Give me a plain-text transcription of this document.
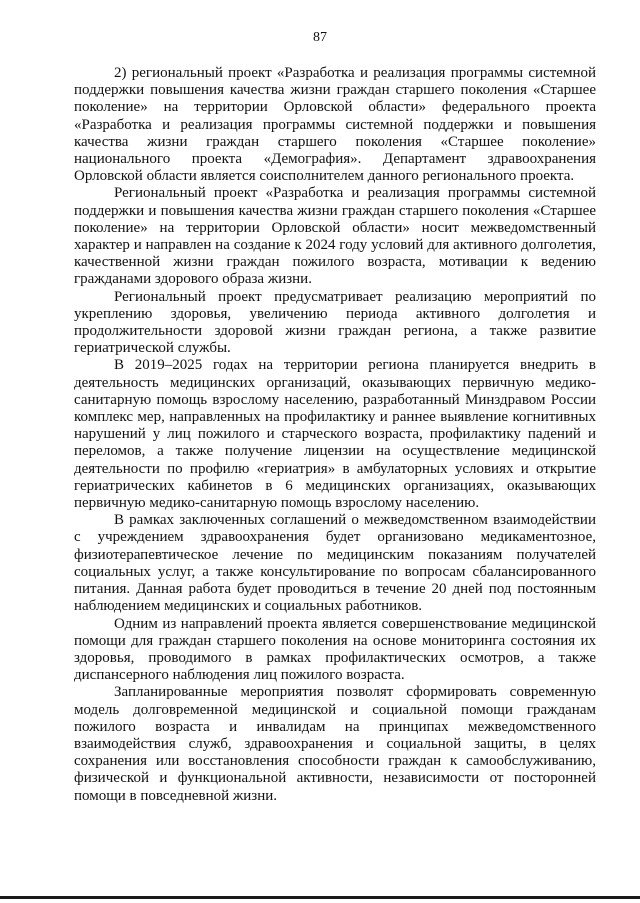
87

2) региональный проект «Разработка и реализация программы системной поддержки повышения качества жизни граждан старшего поколения «Старшее поколение» на территории Орловской области» федерального проекта «Разработка и реализация программы системной поддержки и повышения качества жизни граждан старшего поколения «Старшее поколение» национального проекта «Демография». Департамент здравоохранения Орловской области является соисполнителем данного регионального проекта.

Региональный проект «Разработка и реализация программы системной поддержки и повышения качества жизни граждан старшего поколения «Старшее поколение» на территории Орловской области» носит межведомственный характер и направлен на создание к 2024 году условий для активного долголетия, качественной жизни граждан пожилого возраста, мотивации к ведению гражданами здорового образа жизни.

Региональный проект предусматривает реализацию мероприятий по укреплению здоровья, увеличению периода активного долголетия и продолжительности здоровой жизни граждан региона, а также развитие гериатрической службы.

В 2019–2025 годах на территории региона планируется внедрить в деятельность медицинских организаций, оказывающих первичную медико-санитарную помощь взрослому населению, разработанный Минздравом России комплекс мер, направленных на профилактику и раннее выявление когнитивных нарушений у лиц пожилого и старческого возраста, профилактику падений и переломов, а также получение лицензии на осуществление медицинской деятельности по профилю «гериатрия» в амбулаторных условиях и открытие гериатрических кабинетов в 6 медицинских организациях, оказывающих первичную медико-санитарную помощь взрослому населению.

В рамках заключенных соглашений о межведомственном взаимодействии с учреждением здравоохранения будет организовано медикаментозное, физиотерапевтическое лечение по медицинским показаниям получателей социальных услуг, а также консультирование по вопросам сбалансированного питания. Данная работа будет проводиться в течение 20 дней под постоянным наблюдением медицинских и социальных работников.

Одним из направлений проекта является совершенствование медицинской помощи для граждан старшего поколения на основе мониторинга состояния их здоровья, проводимого в рамках профилактических осмотров, а также диспансерного наблюдения лиц пожилого возраста.

Запланированные мероприятия позволят сформировать современную модель долговременной медицинской и социальной помощи гражданам пожилого возраста и инвалидам на принципах межведомственного взаимодействия служб, здравоохранения и социальной защиты, в целях сохранения или восстановления способности граждан к самообслуживанию, физической и функциональной активности, независимости от посторонней помощи в повседневной жизни.
